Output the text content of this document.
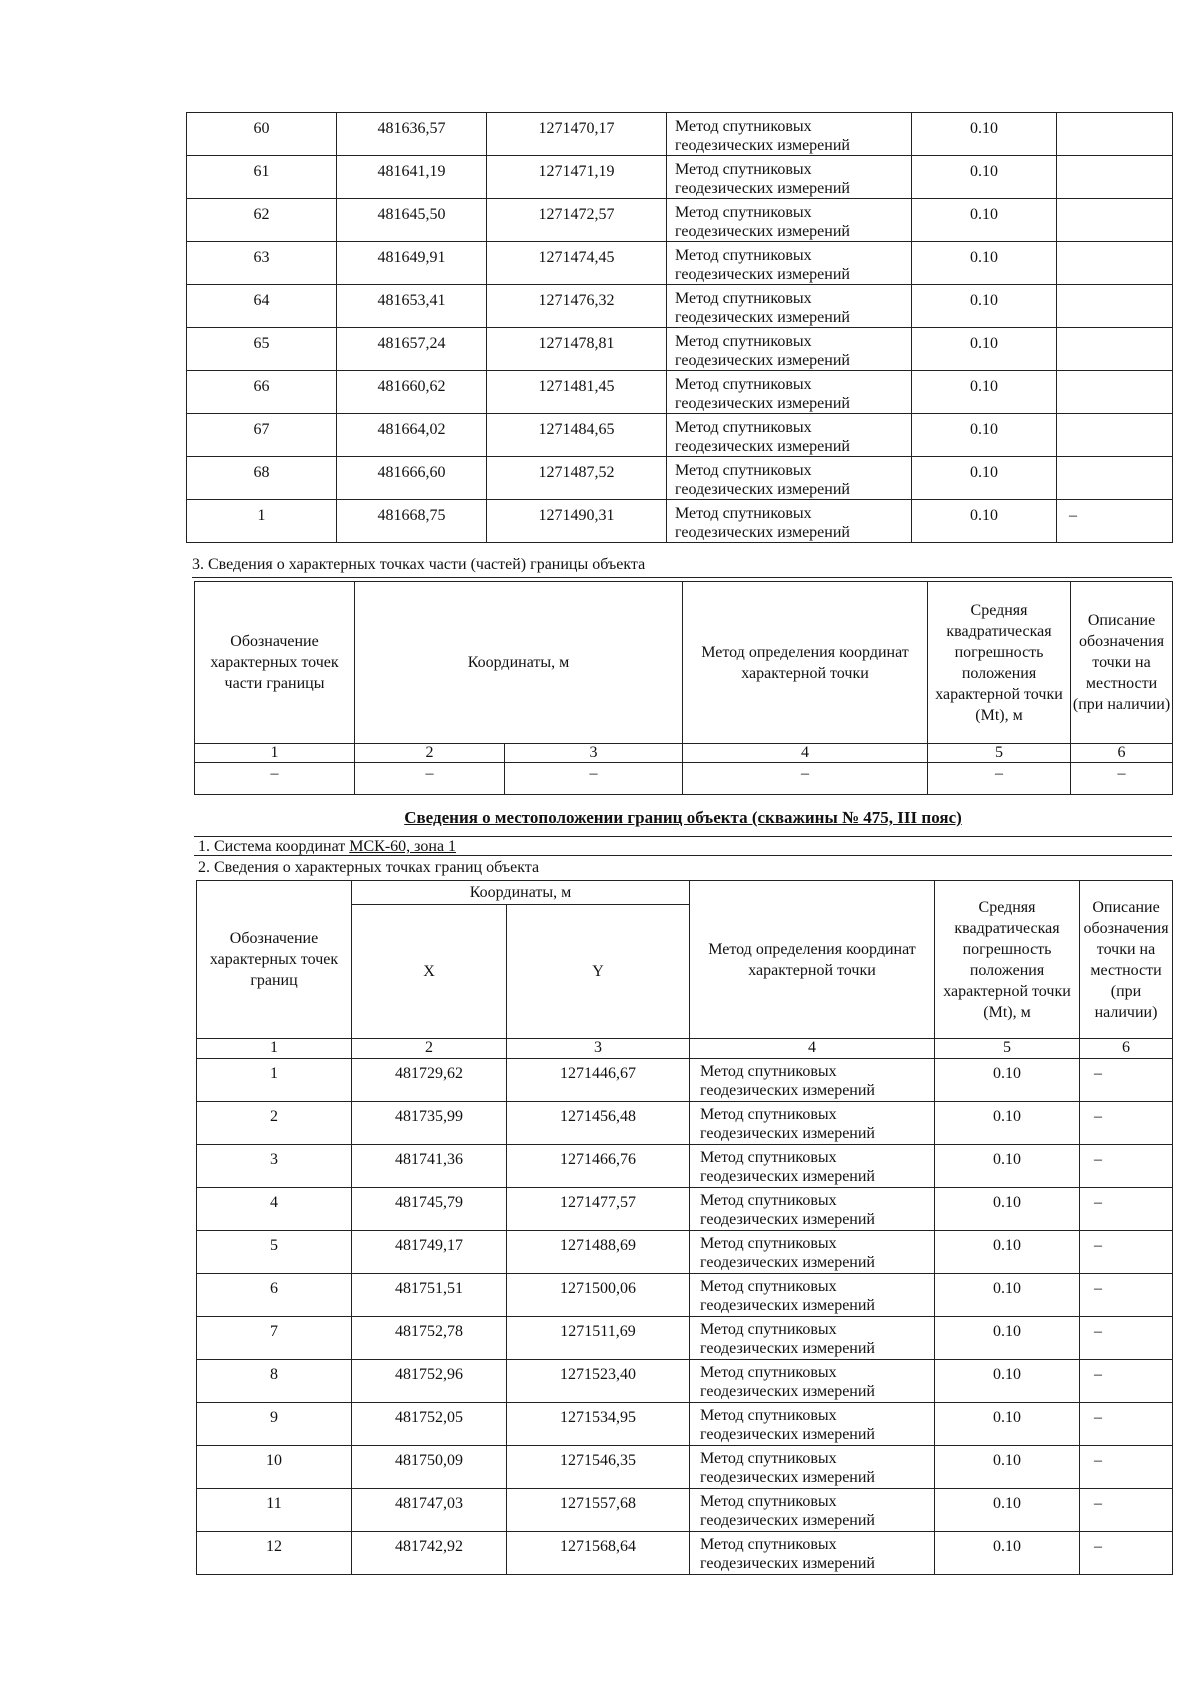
60	481636,57	1271470,17	Метод спутниковых геодезических измерений	0.10	
61	481641,19	1271471,19	Метод спутниковых геодезических измерений	0.10	
62	481645,50	1271472,57	Метод спутниковых геодезических измерений	0.10	
63	481649,91	1271474,45	Метод спутниковых геодезических измерений	0.10	
64	481653,41	1271476,32	Метод спутниковых геодезических измерений	0.10	
65	481657,24	1271478,81	Метод спутниковых геодезических измерений	0.10	
66	481660,62	1271481,45	Метод спутниковых геодезических измерений	0.10	
67	481664,02	1271484,65	Метод спутниковых геодезических измерений	0.10	
68	481666,60	1271487,52	Метод спутниковых геодезических измерений	0.10	
1	481668,75	1271490,31	Метод спутниковых геодезических измерений	0.10	–
3. Сведения о характерных точках части (частей) границы объекта
Обозначение характерных точек части границы	Координаты, м		Метод определения координат характерной точки	Средняя квадратическая погрешность положения характерной точки (Mt), м	Описание обозначения точки на местности (при наличии)
1	2	3	4	5	6
–	–	–	–	–	–
Сведения о местоположении границ объекта (скважины № 475, III пояс)
1. Система координат МСК-60, зона 1
2. Сведения о характерных точках границ объекта
Обозначение характерных точек границ	Координаты, м		Метод определения координат характерной точки	Средняя квадратическая погрешность положения характерной точки (Mt), м	Описание обозначения точки на местности (при наличии)
	X	Y			
1	2	3	4	5	6
1	481729,62	1271446,67	Метод спутниковых геодезических измерений	0.10	–
2	481735,99	1271456,48	Метод спутниковых геодезических измерений	0.10	–
3	481741,36	1271466,76	Метод спутниковых геодезических измерений	0.10	–
4	481745,79	1271477,57	Метод спутниковых геодезических измерений	0.10	–
5	481749,17	1271488,69	Метод спутниковых геодезических измерений	0.10	–
6	481751,51	1271500,06	Метод спутниковых геодезических измерений	0.10	–
7	481752,78	1271511,69	Метод спутниковых геодезических измерений	0.10	–
8	481752,96	1271523,40	Метод спутниковых геодезических измерений	0.10	–
9	481752,05	1271534,95	Метод спутниковых геодезических измерений	0.10	–
10	481750,09	1271546,35	Метод спутниковых геодезических измерений	0.10	–
11	481747,03	1271557,68	Метод спутниковых геодезических измерений	0.10	–
12	481742,92	1271568,64	Метод спутниковых геодезических измерений	0.10	–
